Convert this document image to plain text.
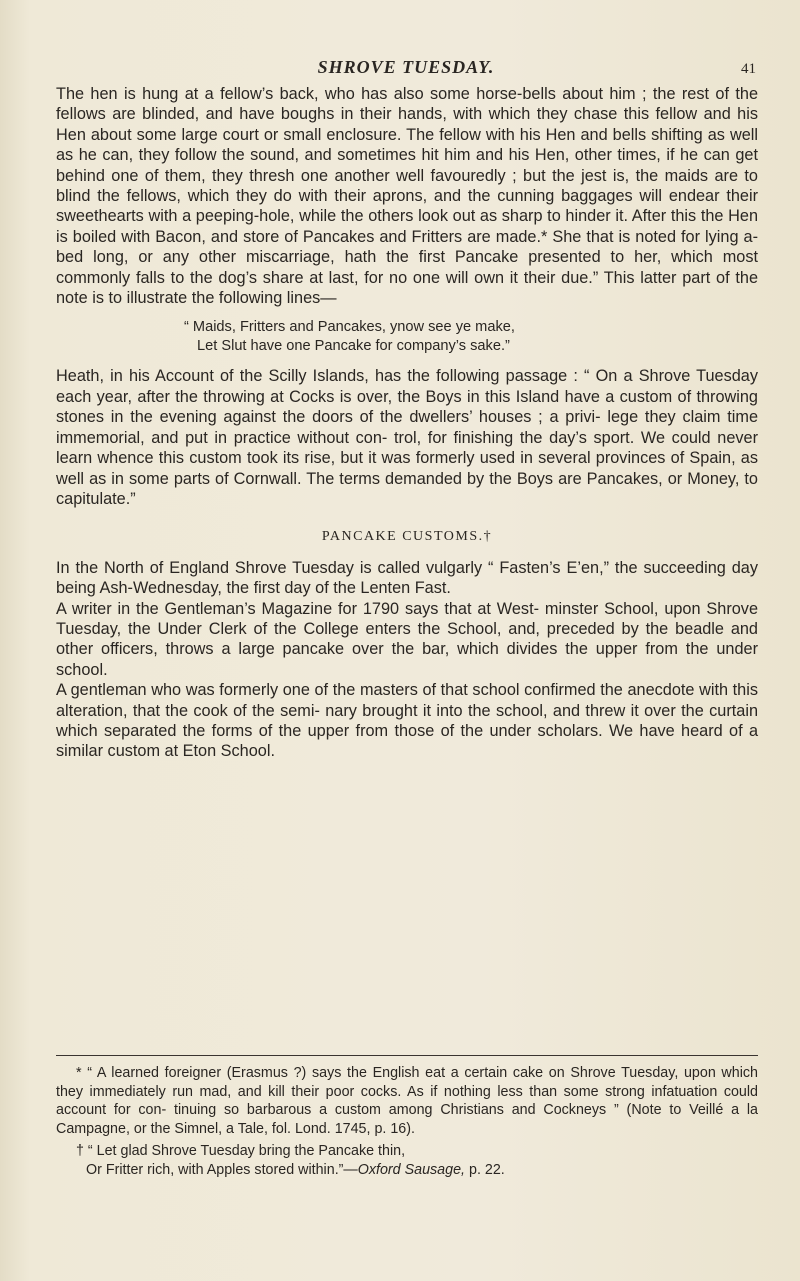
SHROVE TUESDAY.	41

The hen is hung at a fellow’s back, who has also some horse-bells about him ; the rest of the fellows are blinded, and have boughs in their hands, with which they chase this fellow and his Hen about some large court or small enclosure. The fellow with his Hen and bells shifting as well as he can, they follow the sound, and sometimes hit him and his Hen, other times, if he can get behind one of them, they thresh one another well favouredly ; but the jest is, the maids are to blind the fellows, which they do with their aprons, and the cunning baggages will endear their sweethearts with a peeping-hole, while the others look out as sharp to hinder it. After this the Hen is boiled with Bacon, and store of Pancakes and Fritters are made.* She that is noted for lying a-bed long, or any other miscarriage, hath the first Pancake presented to her, which most commonly falls to the dog’s share at last, for no one will own it their due.” This latter part of the note is to illustrate the following lines—

“ Maids, Fritters and Pancakes, ynow see ye make,
Let Slut have one Pancake for company’s sake.”

Heath, in his Account of the Scilly Islands, has the following passage : “ On a Shrove Tuesday each year, after the throwing at Cocks is over, the Boys in this Island have a custom of throwing stones in the evening against the doors of the dwellers’ houses ; a privi- lege they claim time immemorial, and put in practice without con- trol, for finishing the day’s sport. We could never learn whence this custom took its rise, but it was formerly used in several provinces of Spain, as well as in some parts of Cornwall. The terms demanded by the Boys are Pancakes, or Money, to capitulate.”

PANCAKE CUSTOMS.†

In the North of England Shrove Tuesday is called vulgarly “ Fasten’s E’en,” the succeeding day being Ash-Wednesday, the first day of the Lenten Fast.

A writer in the Gentleman’s Magazine for 1790 says that at West- minster School, upon Shrove Tuesday, the Under Clerk of the College enters the School, and, preceded by the beadle and other officers, throws a large pancake over the bar, which divides the upper from the under school.

A gentleman who was formerly one of the masters of that school confirmed the anecdote with this alteration, that the cook of the semi- nary brought it into the school, and threw it over the curtain which separated the forms of the upper from those of the under scholars. We have heard of a similar custom at Eton School.

* “ A learned foreigner (Erasmus ?) says the English eat a certain cake on Shrove Tuesday, upon which they immediately run mad, and kill their poor cocks. As if nothing less than some strong infatuation could account for con- tinuing so barbarous a custom among Christians and Cockneys ” (Note to Veillé a la Campagne, or the Simnel, a Tale, fol. Lond. 1745, p. 16).

† “ Let glad Shrove Tuesday bring the Pancake thin,
Or Fritter rich, with Apples stored within.”—Oxford Sausage, p. 22.
